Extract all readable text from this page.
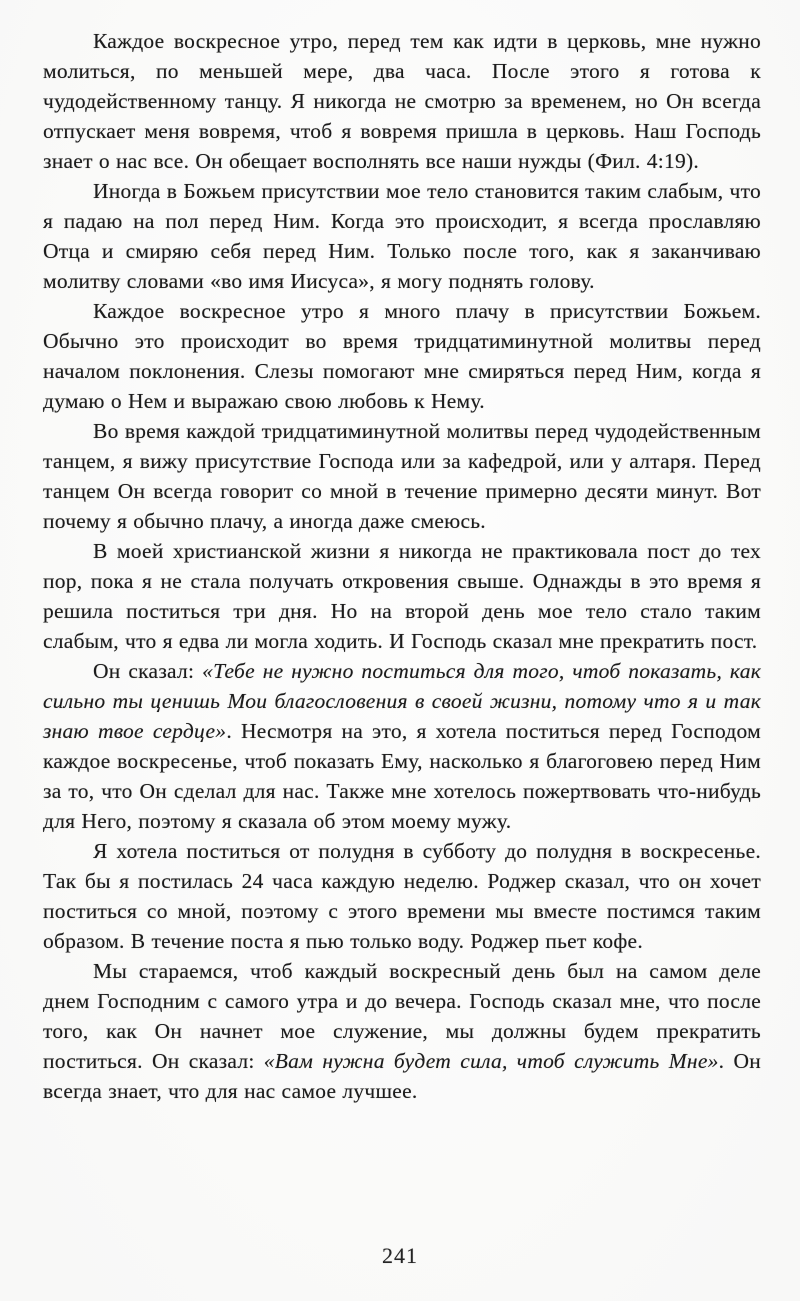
Каждое воскресное утро, перед тем как идти в церковь, мне нужно молиться, по меньшей мере, два часа. После этого я готова к чудодейственному танцу. Я никогда не смотрю за временем, но Он всегда отпускает меня вовремя, чтоб я вовремя пришла в церковь. Наш Господь знает о нас все. Он обещает восполнять все наши нужды (Фил. 4:19).

Иногда в Божьем присутствии мое тело становится таким слабым, что я падаю на пол перед Ним. Когда это происходит, я всегда прославляю Отца и смиряю себя перед Ним. Только после того, как я заканчиваю молитву словами «во имя Иисуса», я могу поднять голову.

Каждое воскресное утро я много плачу в присутствии Божьем. Обычно это происходит во время тридцатиминутной молитвы перед началом поклонения. Слезы помогают мне смиряться перед Ним, когда я думаю о Нем и выражаю свою любовь к Нему.

Во время каждой тридцатиминутной молитвы перед чудодейственным танцем, я вижу присутствие Господа или за кафедрой, или у алтаря. Перед танцем Он всегда говорит со мной в течение примерно десяти минут. Вот почему я обычно плачу, а иногда даже смеюсь.

В моей христианской жизни я никогда не практиковала пост до тех пор, пока я не стала получать откровения свыше. Однажды в это время я решила поститься три дня. Но на второй день мое тело стало таким слабым, что я едва ли могла ходить. И Господь сказал мне прекратить пост.

Он сказал: «Тебе не нужно поститься для того, чтоб показать, как сильно ты ценишь Мои благословения в своей жизни, потому что я и так знаю твое сердце». Несмотря на это, я хотела поститься перед Господом каждое воскресенье, чтоб показать Ему, насколько я благоговею перед Ним за то, что Он сделал для нас. Также мне хотелось пожертвовать что-нибудь для Него, поэтому я сказала об этом моему мужу.

Я хотела поститься от полудня в субботу до полудня в воскресенье. Так бы я постилась 24 часа каждую неделю. Роджер сказал, что он хочет поститься со мной, поэтому с этого времени мы вместе постимся таким образом. В течение поста я пью только воду. Роджер пьет кофе.

Мы стараемся, чтоб каждый воскресный день был на самом деле днем Господним с самого утра и до вечера. Господь сказал мне, что после того, как Он начнет мое служение, мы должны будем прекратить поститься. Он сказал: «Вам нужна будет сила, чтоб служить Мне». Он всегда знает, что для нас самое лучшее.

241
